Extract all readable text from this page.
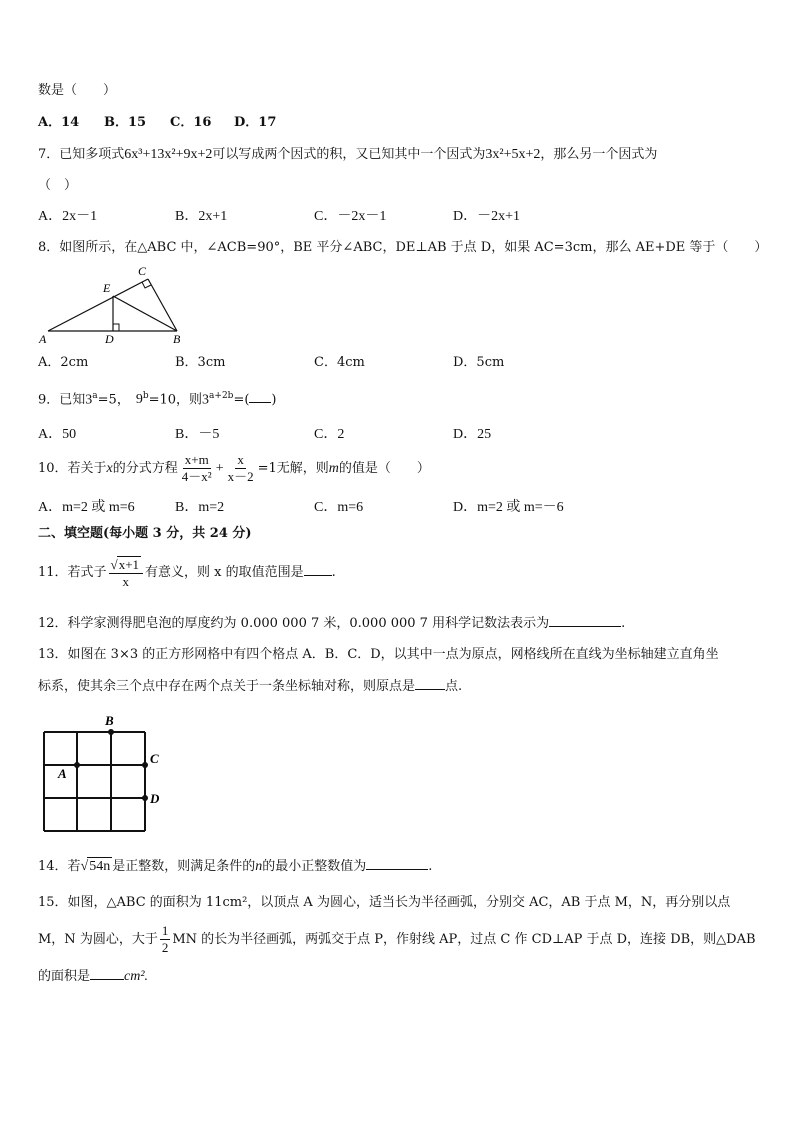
数是（　　）
A．14 B．15 C．16 D．17
7．已知多项式6x³+13x²+9x+2可以写成两个因式的积，又已知其中一个因式为3x²+5x+2，那么另一个因式为
（　）
A．2x－1	B．2x+1	C．－2x－1	D．－2x+1
8．如图所示，在△ABC 中，∠ACB=90°，BE 平分∠ABC，DE⊥AB 于点 D，如果 AC=3cm，那么 AE+DE 等于（　　）
C
E
A	D	B
A．2cm	B．3cm	C．4cm	D．5cm
9．已知$3^a=5$， $9^b=10$，则$3^{a+2b}=$( )
A．50	B．－5	C．2	D．25
10．若关于x的分式方程 $\frac{x+m}{\text{4－x²}} + \frac{x}{x-2} =1$无解，则m的值是（　　）
A．m=2 或 m=6	B．m=2	C．m=6	D．m=2 或 m=－6
二、填空题(每小题 3 分，共 24 分)
11．若式子 $\frac{√x+1}{x}$ 有意义，则 x 的取值范围是 .
12．科学家测得肥皂泡的厚度约为 0.000 000 7 米，0.000 000 7 用科学记数法表示为	.
13．如图在 3×3 的正方形网格中有四个格点 A．B．C．D，以其中一点为原点，网格线所在直线为坐标轴建立直角坐
标系，使其余三个点中存在两个点关于一条坐标轴对称，则原点是 点.
B
A
C
D
14．若√54n 是正整数，则满足条件的n的最小正整数值为	.
15．如图，△ABC 的面积为 11cm²，以顶点 A 为圆心，适当长为半径画弧，分别交 AC，AB 于点 M，N，再分别以点
M，N 为圆心，大于 $\frac{1}{2}$ MN 的长为半径画弧，两弧交于点 P，作射线 AP，过点 C 作 CD⊥AP 于点 D，连接 DB，则△DAB
的面积是 cm².
